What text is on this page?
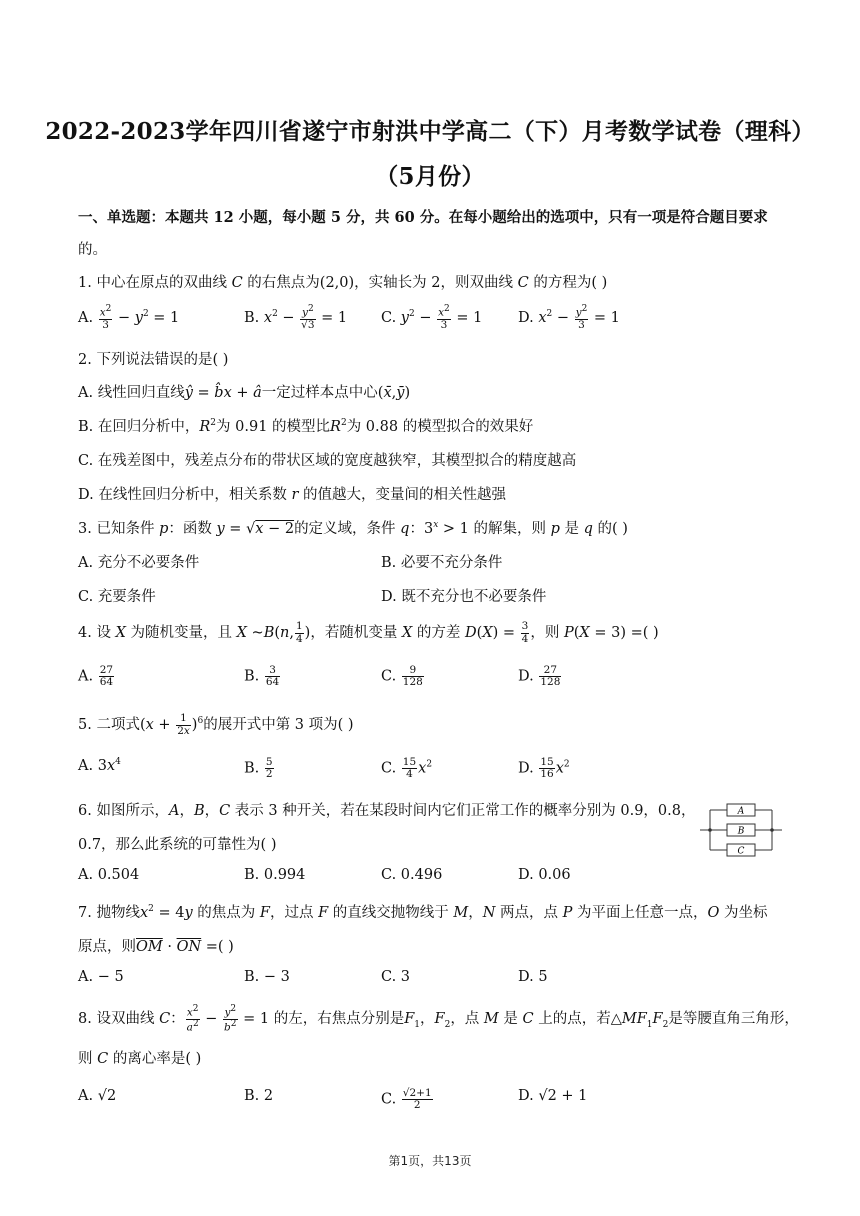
2022-2023学年四川省遂宁市射洪中学高二（下）月考数学试卷（理科）
（5月份）
一、单选题：本题共 12 小题，每小题 5 分，共 60 分。在每小题给出的选项中，只有一项是符合题目要求
的。
1. 中心在原点的双曲线 C 的右焦点为(2,0)，实轴长为 2，则双曲线 C 的方程为( )
A. $\frac{x^2}{3} - y^2 = 1$	B. $x^2 - \frac{y^2}{√3} = 1$ C. $y^2 - \frac{x^2}{3} = 1$ D. $x^2 - \frac{y^2}{3} = 1$
2. 下列说法错误的是( )
A. 线性回归直线ŷ = b̂x + â一定过样本点中心(x̄,ȳ)
B. 在回归分析中，$R^2$为 0.91 的模型比$R^2$为 0.88 的模型拟合的效果好
C. 在残差图中，残差点分布的带状区域的宽度越狭窄，其模型拟合的精度越高
D. 在线性回归分析中，相关系数 r 的值越大，变量间的相关性越强
3. 已知条件 p：函数 y = √x − 2的定义域，条件 q：$3^x > 1$ 的解集，则 p 是 q 的( )
A. 充分不必要条件	B. 必要不充分条件
C. 充要条件	D. 既不充分也不必要条件
4. 设 X 为随机变量，且 X ~B(n, $\frac{1}{4}$ )，若随机变量 X 的方差 $D(X) = \frac{3}{4}$ ，则 P(X = 3) =( )
A. $\frac{27}{64}$	B. $\frac{3}{64}$	C. $\frac{9}{128}$	D. $\frac{27}{128}$
5. 二项式$(x + \frac{1}{2x} )^6$的展开式中第 3 项为( )
A. $3x^4$	B. $\frac{5}{2}$	C. $\frac{15}{4} x^2$	D. $\frac{15}{16} x^2$
6. 如图所示，A，B，C 表示 3 种开关，若在某段时间内它们正常工作的概率分别为 0.9，0.8，
0.7，那么此系统的可靠性为( )
A
B
C
A. 0.504	B. 0.994	C. 0.496	D. 0.06
7. 抛物线$x^2 = 4y$ 的焦点为 F，过点 F 的直线交抛物线于 M，N 两点，点 P 为平面上任意一点，O 为坐标
原点，则$\overline{OM} \cdot \overline{ON}$ =( )
A. − 5	B. − 3	C. 3	D. 5
8. 设双曲线 C： $\frac{x^2}{a^2} - \frac{y^2}{b^2} = 1$ 的左，右焦点分别是$F_1$，$F_2$，点 M 是 C 上的点，若$\triangle MF_1F_2$是等腰直角三角形，
则 C 的离心率是( )
A. √2	B. 2	C. $\frac{√2+1}{2}$	D. √2 + 1
第1页，共13页
